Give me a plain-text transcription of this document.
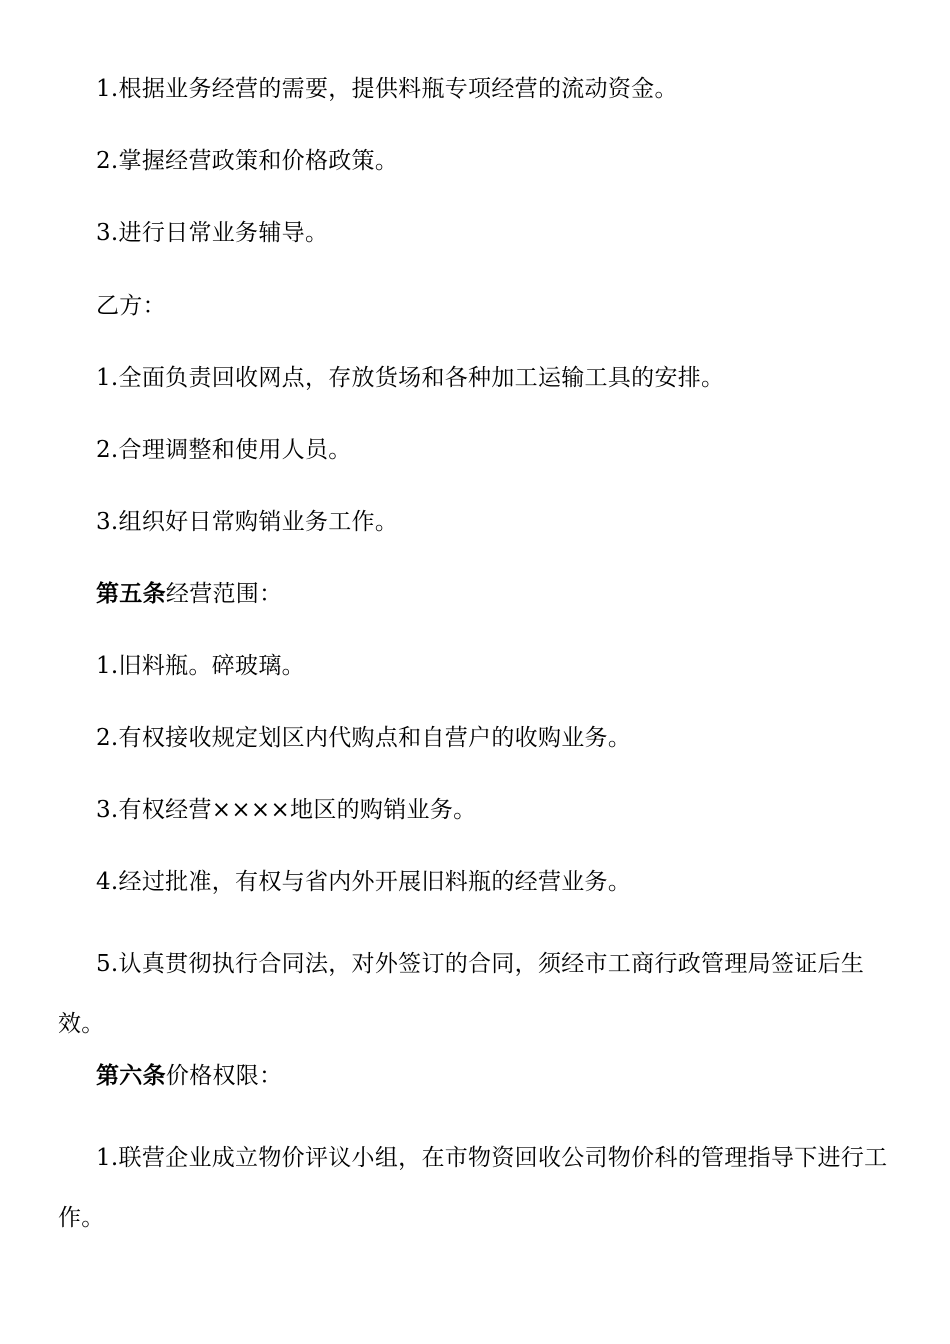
1.根据业务经营的需要，提供料瓶专项经营的流动资金。

2.掌握经营政策和价格政策。

3.进行日常业务辅导。

乙方：

1.全面负责回收网点，存放货场和各种加工运输工具的安排。

2.合理调整和使用人员。

3.组织好日常购销业务工作。

第五条经营范围：

1.旧料瓶。碎玻璃。

2.有权接收规定划区内代购点和自营户的收购业务。

3.有权经营××××地区的购销业务。

4.经过批准，有权与省内外开展旧料瓶的经营业务。

5.认真贯彻执行合同法，对外签订的合同，须经市工商行政管理局签证后生效。

第六条价格权限：

1.联营企业成立物价评议小组，在市物资回收公司物价科的管理指导下进行工作。
